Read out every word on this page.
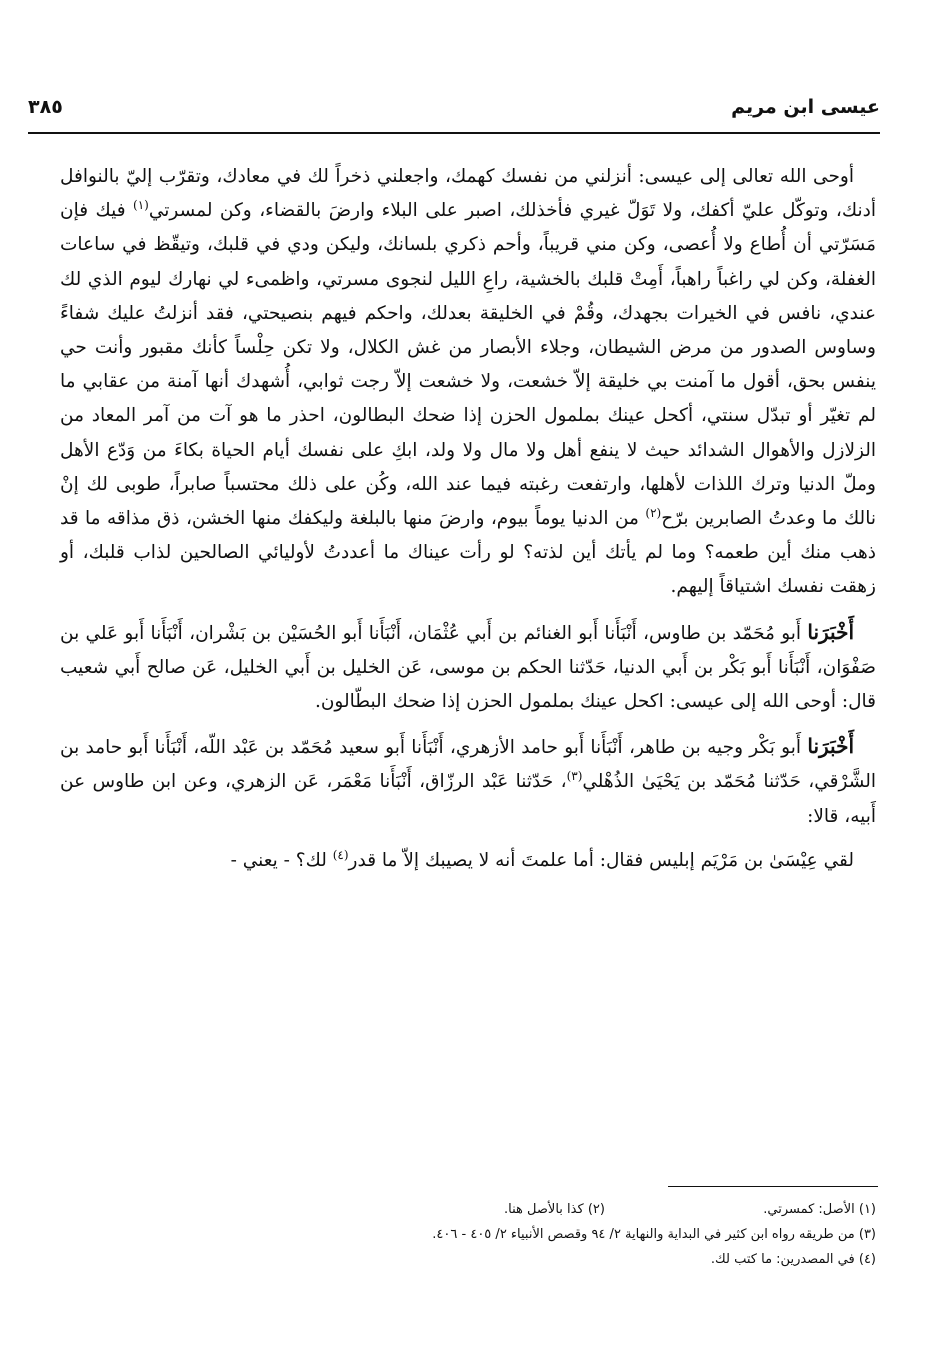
عيسى ابن مريم
٣٨٥

أوحى الله تعالى إلى عيسى: أنزلني من نفسك كهمك، واجعلني ذخراً لك في معادك، وتقرّب إليّ بالنوافل أدنك، وتوكّل عليّ أكفك، ولا تَوَلّ غيري فأخذلك، اصبر على البلاء وارضَ بالقضاء، وكن لمسرتي$^{(١)}$ فيك فإن مَسَرّتي أن أُطاع ولا أُعصى، وكن مني قريباً، وأحم ذكري بلسانك، وليكن ودي في قلبك، وتيقّظ في ساعات الغفلة، وكن لي راغباً راهباً، أَمِتْ قلبك بالخشية، راعِ الليل لنجوى مسرتي، واظمىء لي نهارك ليوم الذي لك عندي، نافس في الخيرات بجهدك، وقُمْ في الخليقة بعدلك، واحكم فيهم بنصيحتي، فقد أنزلتُ عليك شفاءً وساوس الصدور من مرض الشيطان، وجلاء الأبصار من غش الكلال، ولا تكن حِلْساً كأنك مقبور وأنت حي ينفس بحق، أقول ما آمنت بي خليقة إلاّ خشعت، ولا خشعت إلاّ رجت ثوابي، أُشهدك أنها آمنة من عقابي ما لم تغيّر أو تبدّل سنتي، أكحل عينك بملمول الحزن إذا ضحك البطالون، احذر ما هو آت من آمر المعاد من الزلازل والأهوال الشدائد حيث لا ينفع أهل ولا مال ولا ولد، ابكِ على نفسك أيام الحياة بكاءَ من وَدّع الأهل وملّ الدنيا وترك اللذات لأهلها، وارتفعت رغبته فيما عند الله، وكُن على ذلك محتسباً صابراً، طوبى لك إنْ نالك ما وعدتُ الصابرين برّح$^{(٢)}$ من الدنيا يوماً بيوم، وارضَ منها بالبلغة وليكفك منها الخشن، ذق مذاقه ما قد ذهب منك أين طعمه؟ وما لم يأتك أين لذته؟ لو رأت عيناك ما أعددتُ لأوليائي الصالحين لذاب قلبك، أو زهقت نفسك اشتياقاً إليهم.

أَخْبَرَنا أَبو مُحَمّد بن طاوس، أَنْبَأَنا أَبو الغنائم بن أَبي عُثْمَان، أَنْبَأَنا أَبو الحُسَيْن بن بَشْران، أَنْبَأَنا أَبو عَلي بن صَفْوَان، أَنْبَأَنا أَبو بَكْر بن أَبي الدنيا، حَدّثنا الحكم بن موسى، عَن الخليل بن أَبي الخليل، عَن صالح أَبي شعيب قال: أوحى الله إلى عيسى: اكحل عينك بملمول الحزن إذا ضحك البطّالون.

أَخْبَرَنا أَبو بَكْر وجيه بن طاهر، أَنْبَأَنا أَبو حامد الأزهري، أَنْبَأَنا أَبو سعيد مُحَمّد بن عَبْد اللّه، أَنْبَأَنا أَبو حامد بن الشَّرْقي، حَدّثنا مُحَمّد بن يَحْيَىٰ الذُهْلي$^{(٣)}$، حَدّثنا عَبْد الرزّاق، أَنْبَأَنا مَعْمَر، عَن الزهري، وعن ابن طاوس عن أَبيه، قالا:

لقي عِيْسَىٰ بن مَرْيَم إبليس فقال: أما علمتَ أنه لا يصيبك إلاّ ما قدر$^{(٤)}$ لك؟ - يعني -

(١) الأصل: كمسرتي.  (٢) كذا بالأصل هنا.
(٣) من طريقه رواه ابن كثير في البداية والنهاية ٢/ ٩٤ وقصص الأنبياء ٢/ ٤٠٥ - ٤٠٦.
(٤) في المصدرين: ما كتب لك.
